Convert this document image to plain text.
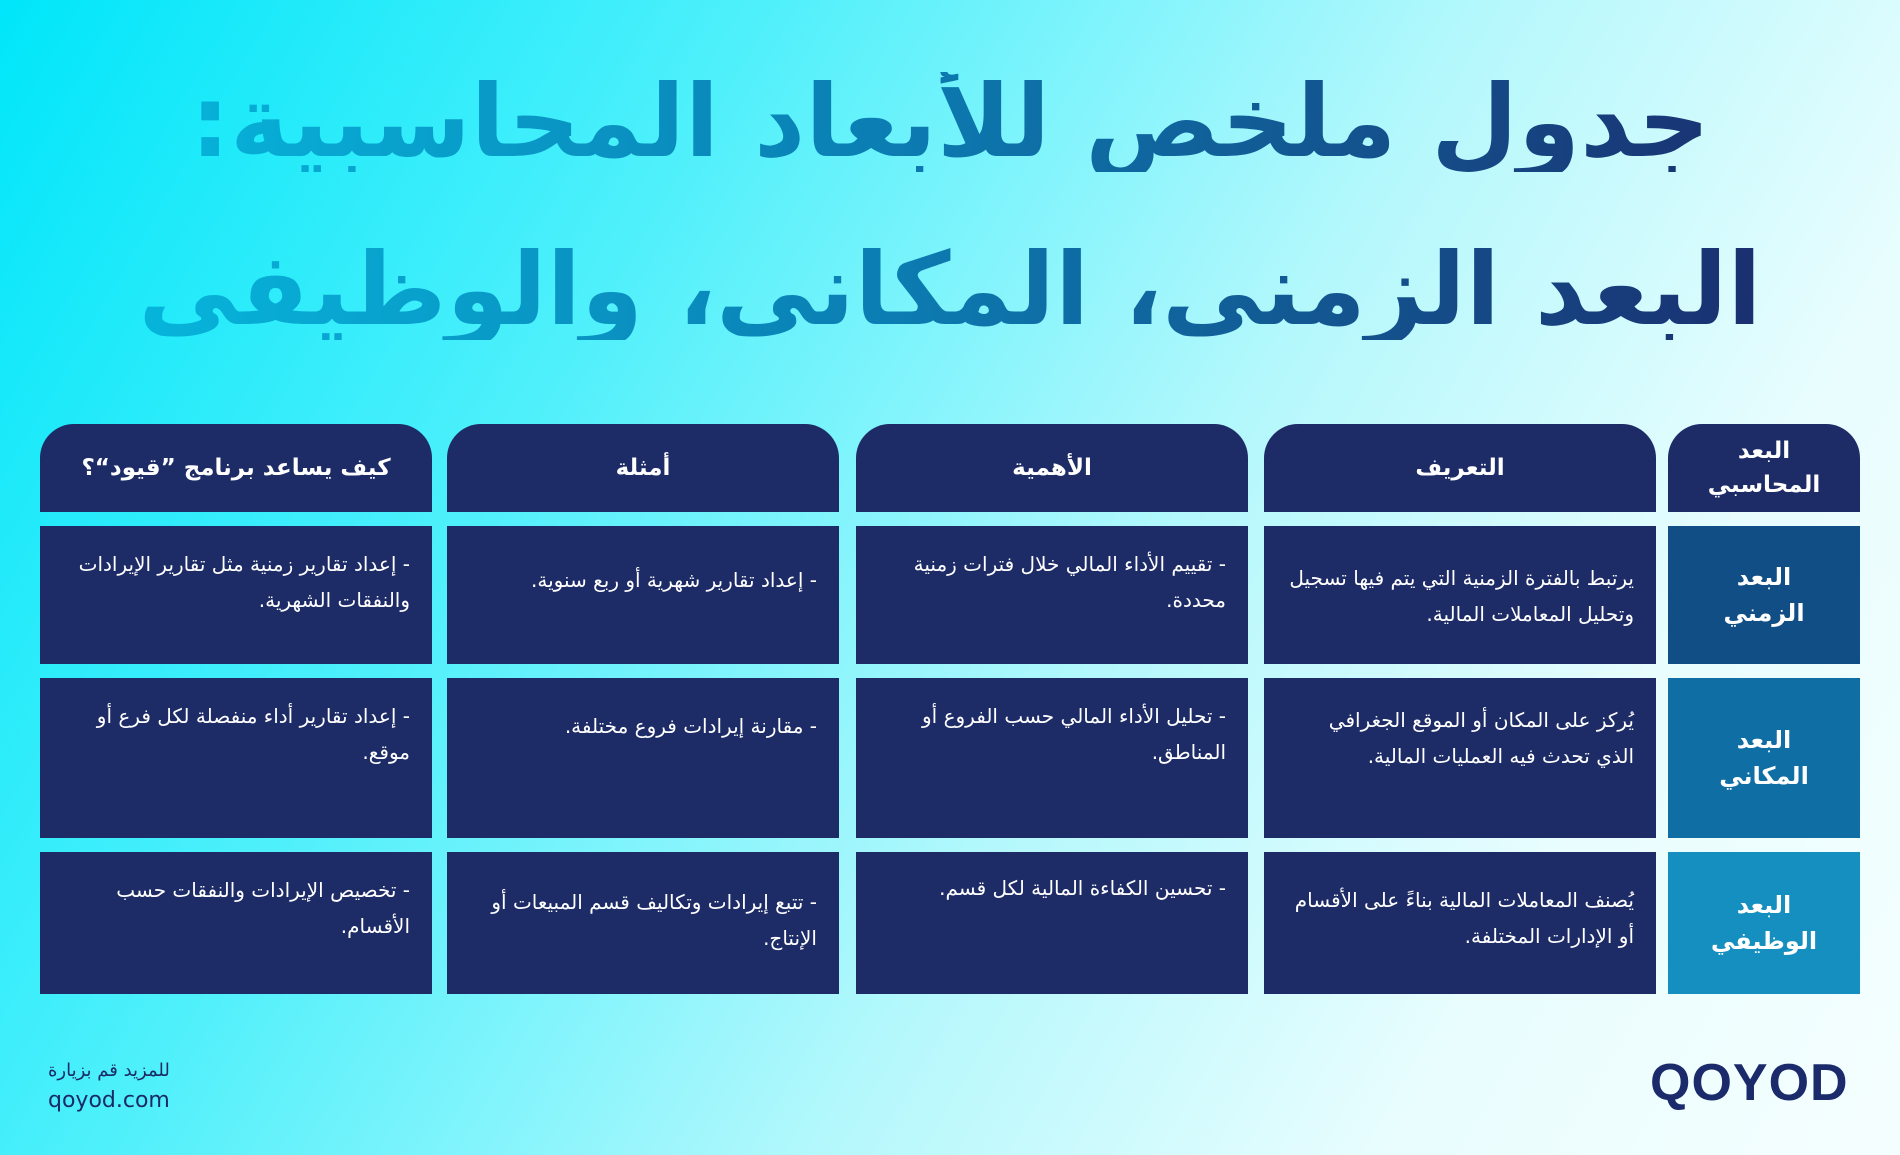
جدول ملخص للأبعاد المحاسبية:
البعد الزمني، المكاني، والوظيفي
البعد المحاسبي
التعريف
الأهمية
أمثلة
كيف يساعد برنامج ”قيود“؟
البعد الزمني
يرتبط بالفترة الزمنية التي يتم فيها تسجيل وتحليل المعاملات المالية.
- تقييم الأداء المالي خلال فترات زمنية محددة.
- إعداد تقارير شهرية أو ربع سنوية.
- إعداد تقارير زمنية مثل تقارير الإيرادات والنفقات الشهرية.
البعد المكاني
يُركز على المكان أو الموقع الجغرافي الذي تحدث فيه العمليات المالية.
- تحليل الأداء المالي حسب الفروع أو المناطق.
- مقارنة إيرادات فروع مختلفة.
- إعداد تقارير أداء منفصلة لكل فرع أو موقع.
البعد الوظيفي
يُصنف المعاملات المالية بناءً على الأقسام أو الإدارات المختلفة.
- تحسين الكفاءة المالية لكل قسم.
- تتبع إيرادات وتكاليف قسم المبيعات أو الإنتاج.
- تخصيص الإيرادات والنفقات حسب الأقسام.
للمزيد قم بزيارة
qoyod.com	QOYOD
